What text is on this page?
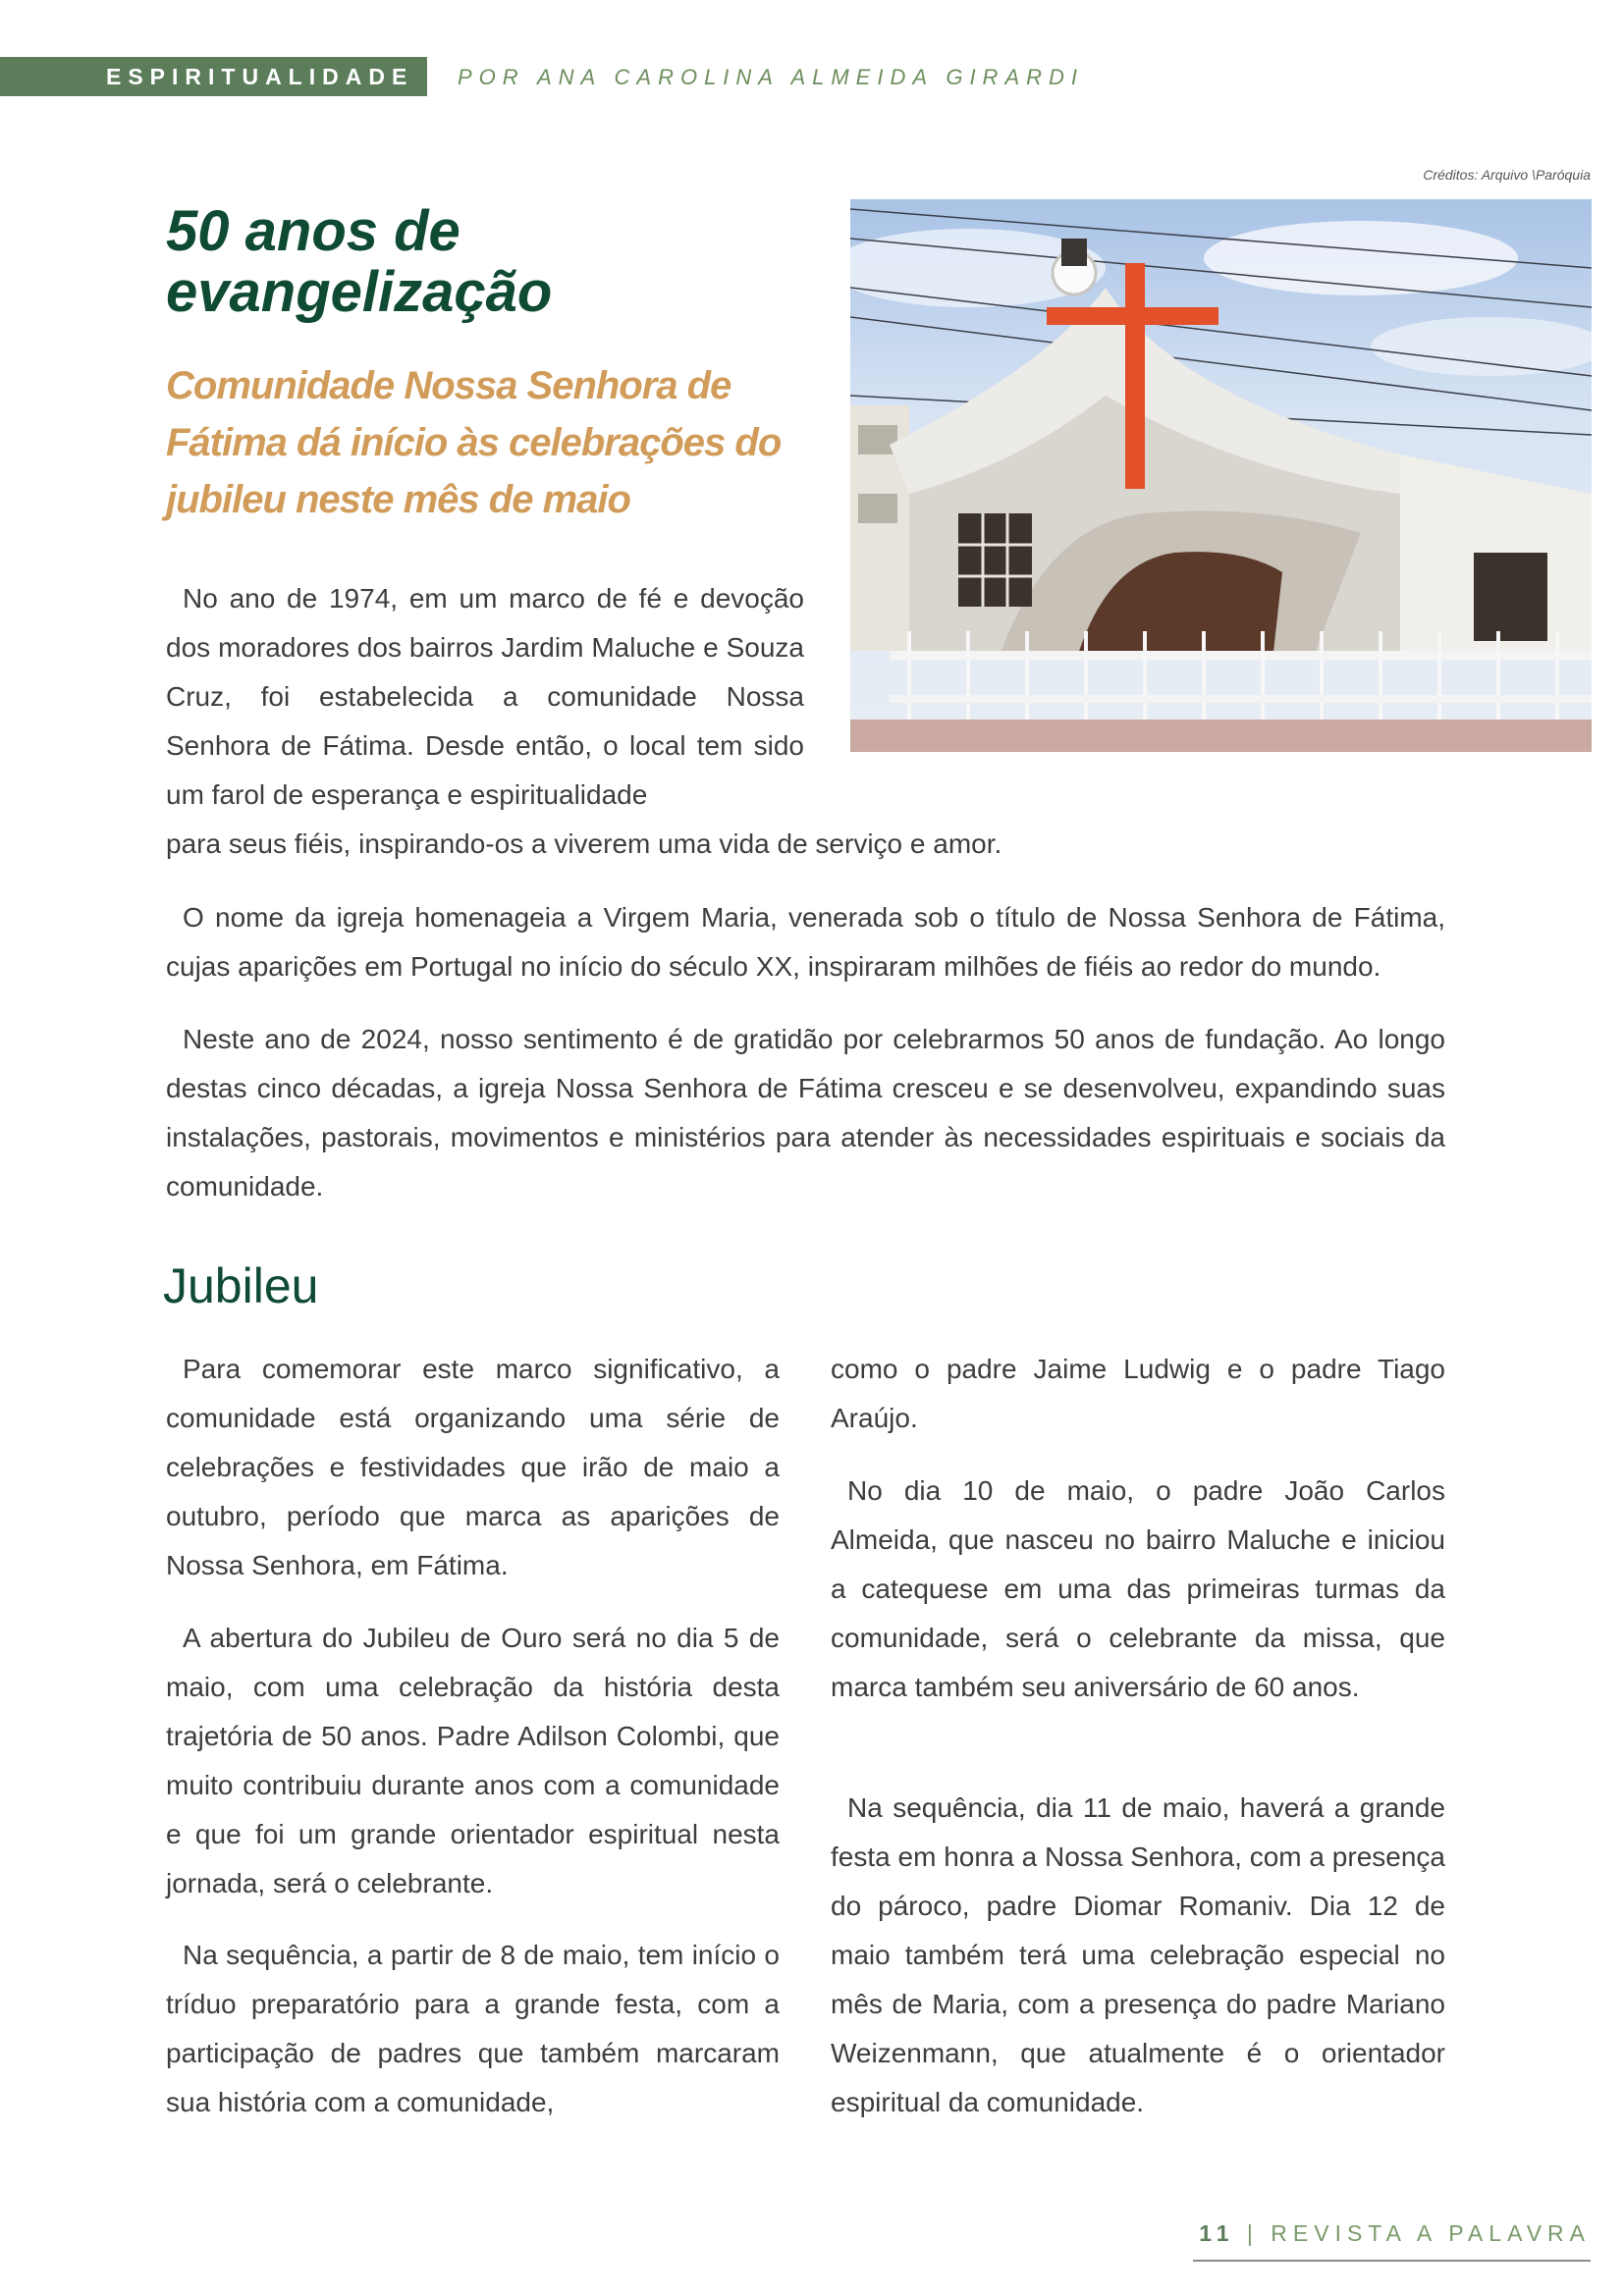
ESPIRITUALIDADE	POR ANA CAROLINA ALMEIDA GIRARDI
Créditos: Arquivo \Paróquia
50 anos de evangelização
Comunidade Nossa Senhora de Fátima dá início às celebrações do jubileu neste mês de maio

No ano de 1974, em um marco de fé e devoção dos moradores dos bairros Jardim Maluche e Souza Cruz, foi estabelecida a comunidade Nossa Senhora de Fátima. Desde então, o local tem sido um farol de esperança e espiritualidade

para seus fiéis, inspirando-os a viverem uma vida de serviço e amor.

O nome da igreja homenageia a Virgem Maria, venerada sob o título de Nossa Senhora de Fátima, cujas aparições em Portugal no início do século XX, inspiraram milhões de fiéis ao redor do mundo.

Neste ano de 2024, nosso sentimento é de gratidão por celebrarmos 50 anos de fundação. Ao longo destas cinco décadas, a igreja Nossa Senhora de Fátima cresceu e se desenvolveu, expandindo suas instalações, pastorais, movimentos e ministérios para atender às necessidades espirituais e sociais da comunidade.

Jubileu

Para comemorar este marco significativo, a comunidade está organizando uma série de celebrações e festividades que irão de maio a outubro, período que marca as aparições de Nossa Senhora, em Fátima.

A abertura do Jubileu de Ouro será no dia 5 de maio, com uma celebração da história desta trajetória de 50 anos. Padre Adilson Colombi, que muito contribuiu durante anos com a comunidade e que foi um grande orientador espiritual nesta jornada, será o celebrante.

Na sequência, a partir de 8 de maio, tem início o tríduo preparatório para a grande festa, com a participação de padres que também marcaram sua história com a comunidade,

como o padre Jaime Ludwig e o padre Tiago Araújo.

No dia 10 de maio, o padre João Carlos Almeida, que nasceu no bairro Maluche e iniciou a catequese em uma das primeiras turmas da comunidade, será o celebrante da missa, que marca também seu aniversário de 60 anos.

Na sequência, dia 11 de maio, haverá a grande festa em honra a Nossa Senhora, com a presença do pároco, padre Diomar Romaniv. Dia 12 de maio também terá uma celebração especial no mês de Maria, com a presença do padre Mariano Weizenmann, que atualmente é o orientador espiritual da comunidade.

11 | REVISTA A PALAVRA
